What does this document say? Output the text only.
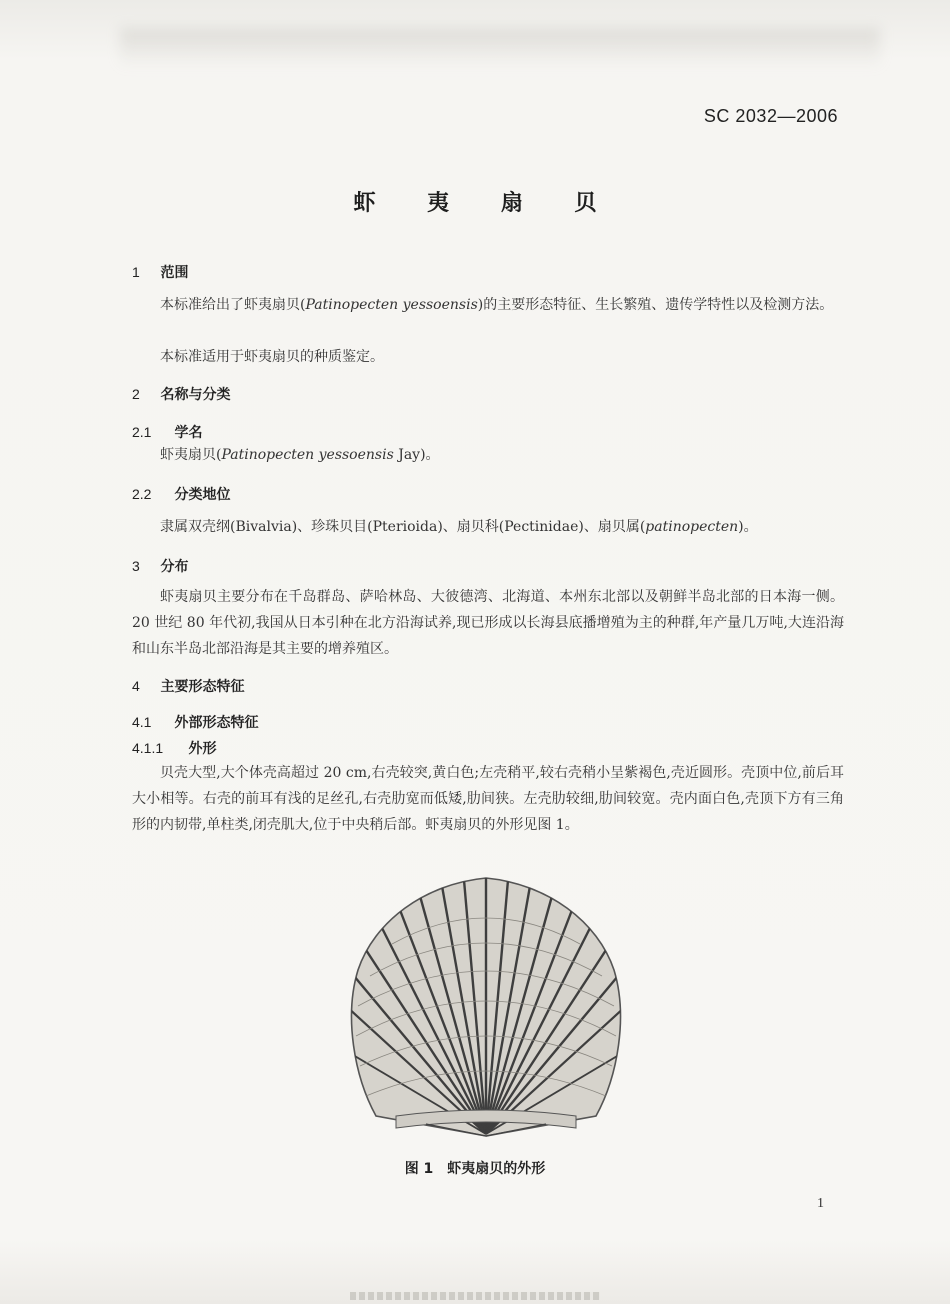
SC 2032—2006
虾 夷 扇 贝
1 范围
本标准给出了虾夷扇贝(Patinopecten yessoensis)的主要形态特征、生长繁殖、遗传学特性以及检测方法。
本标准适用于虾夷扇贝的种质鉴定。
2 名称与分类
2.1 学名
虾夷扇贝(Patinopecten yessoensis Jay)。
2.2 分类地位
隶属双壳纲(Bivalvia)、珍珠贝目(Pterioida)、扇贝科(Pectinidae)、扇贝属(patinopecten)。
3 分布
虾夷扇贝主要分布在千岛群岛、萨哈林岛、大彼德湾、北海道、本州东北部以及朝鲜半岛北部的日本海一侧。20 世纪 80 年代初,我国从日本引种在北方沿海试养,现已形成以长海县底播增殖为主的种群,年产量几万吨,大连沿海和山东半岛北部沿海是其主要的增养殖区。
4 主要形态特征
4.1 外部形态特征
4.1.1 外形
贝壳大型,大个体壳高超过 20 cm,右壳较突,黄白色;左壳稍平,较右壳稍小呈紫褐色,壳近圆形。壳顶中位,前后耳大小相等。右壳的前耳有浅的足丝孔,右壳肋宽而低矮,肋间狭。左壳肋较细,肋间较宽。壳内面白色,壳顶下方有三角形的内韧带,单柱类,闭壳肌大,位于中央稍后部。虾夷扇贝的外形见图 1。
图 1　虾夷扇贝的外形
1
